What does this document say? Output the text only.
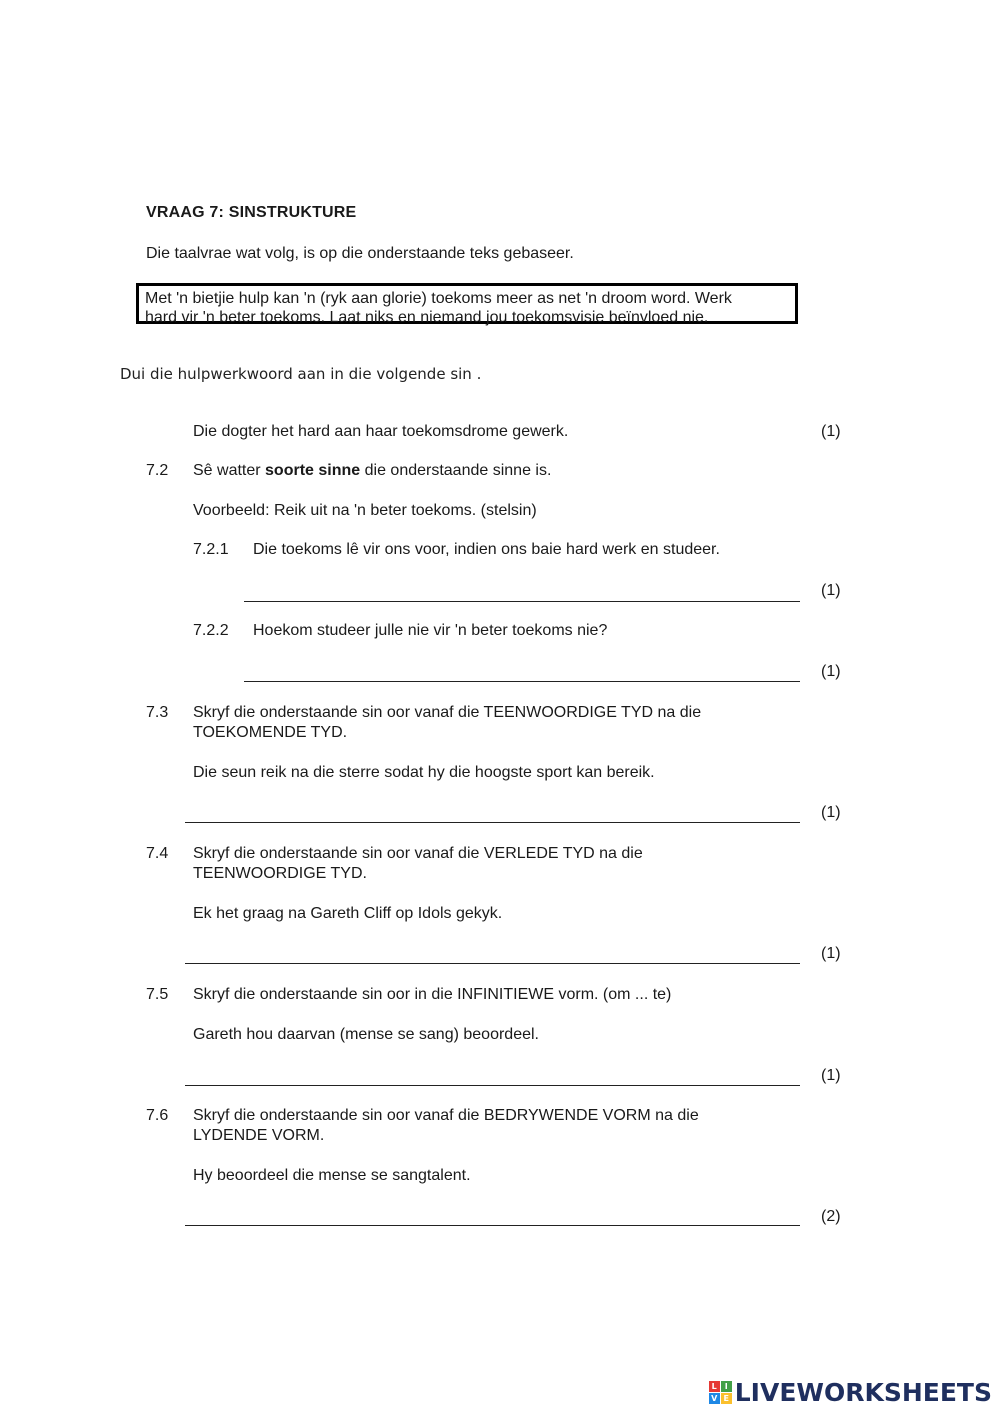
VRAAG 7: SINSTRUKTURE
Die taalvrae wat volg, is op die onderstaande teks gebaseer.
Met 'n bietjie hulp kan 'n (ryk aan glorie) toekoms meer as net 'n droom word. Werk
hard vir 'n beter toekoms. Laat niks en niemand jou toekomsvisie beïnvloed nie.
Dui die hulpwerkwoord aan in die volgende sin .
Die dogter het hard aan haar toekomsdrome gewerk.	(1)
7.2 Sê watter soorte sinne die onderstaande sinne is.
Voorbeeld: Reik uit na 'n beter toekoms. (stelsin)
7.2.1 Die toekoms lê vir ons voor, indien ons baie hard werk en studeer.
(1)
7.2.2 Hoekom studeer julle nie vir 'n beter toekoms nie?
(1)
7.3 Skryf die onderstaande sin oor vanaf die TEENWOORDIGE TYD na die
TOEKOMENDE TYD.
Die seun reik na die sterre sodat hy die hoogste sport kan bereik.
(1)
7.4 Skryf die onderstaande sin oor vanaf die VERLEDE TYD na die
TEENWOORDIGE TYD.
Ek het graag na Gareth Cliff op Idols gekyk.
(1)
7.5 Skryf die onderstaande sin oor in die INFINITIEWE vorm. (om ... te)
Gareth hou daarvan (mense se sang) beoordeel.
(1)
7.6 Skryf die onderstaande sin oor vanaf die BEDRYWENDE VORM na die
LYDENDE VORM.
Hy beoordeel die mense se sangtalent.
(2)
L I
V E LIVEWORKSHEETS
